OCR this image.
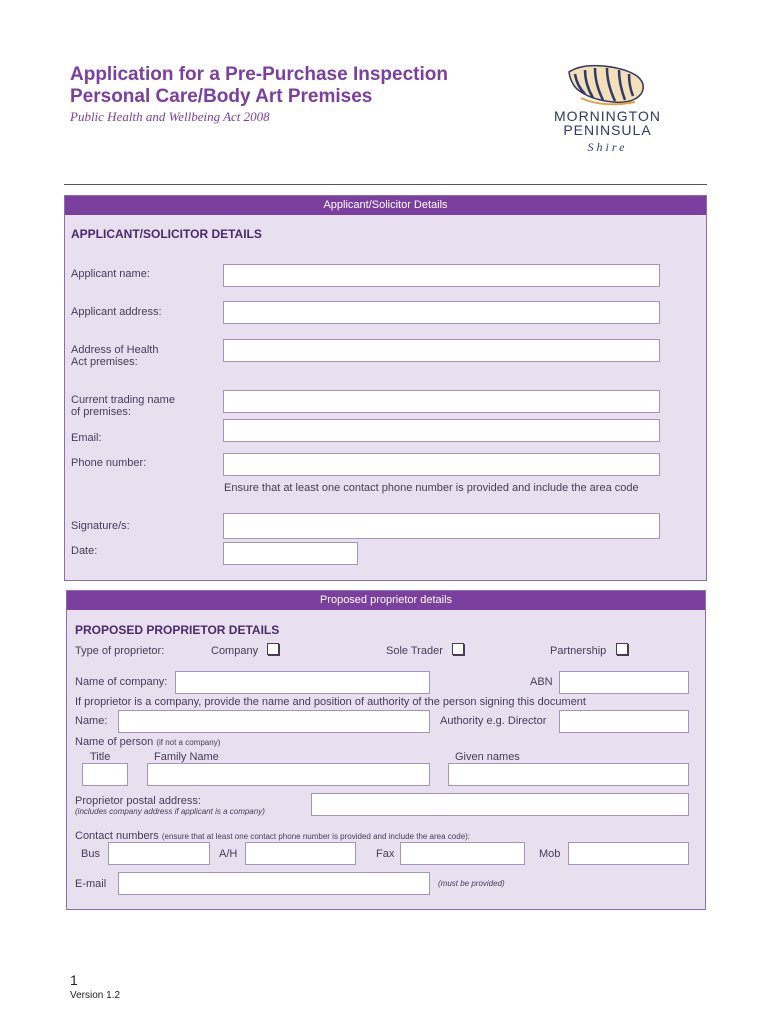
Application for a Pre-Purchase Inspection
Personal Care/Body Art Premises
Public Health and Wellbeing Act 2008	MORNINGTON
PENINSULA
Shire
Applicant/Solicitor Details
APPLICANT/SOLICITOR DETAILS
Applicant name:
Applicant address:
Address of Health
Act premises:
Current trading name
of premises:
Email:
Phone number:
Ensure that at least one contact phone number is provided and include the area code
Signature/s:
Date:
Proposed proprietor details
PROPOSED PROPRIETOR DETAILS
Type of proprietor:	Company	Sole Trader	Partnership
Name of company:	ABN
If proprietor is a company, provide the name and position of authority of the person signing this document
Name:	Authority e.g. Director
Name of person (if not a company)
Title	Family Name	Given names
Proprietor postal address:
(includes company address if applicant is a company)
Contact numbers (ensure that at least one contact phone number is provided and include the area code):
Bus	A/H	Fax	Mob
E-mail	(must be provided)
1
Version 1.2
